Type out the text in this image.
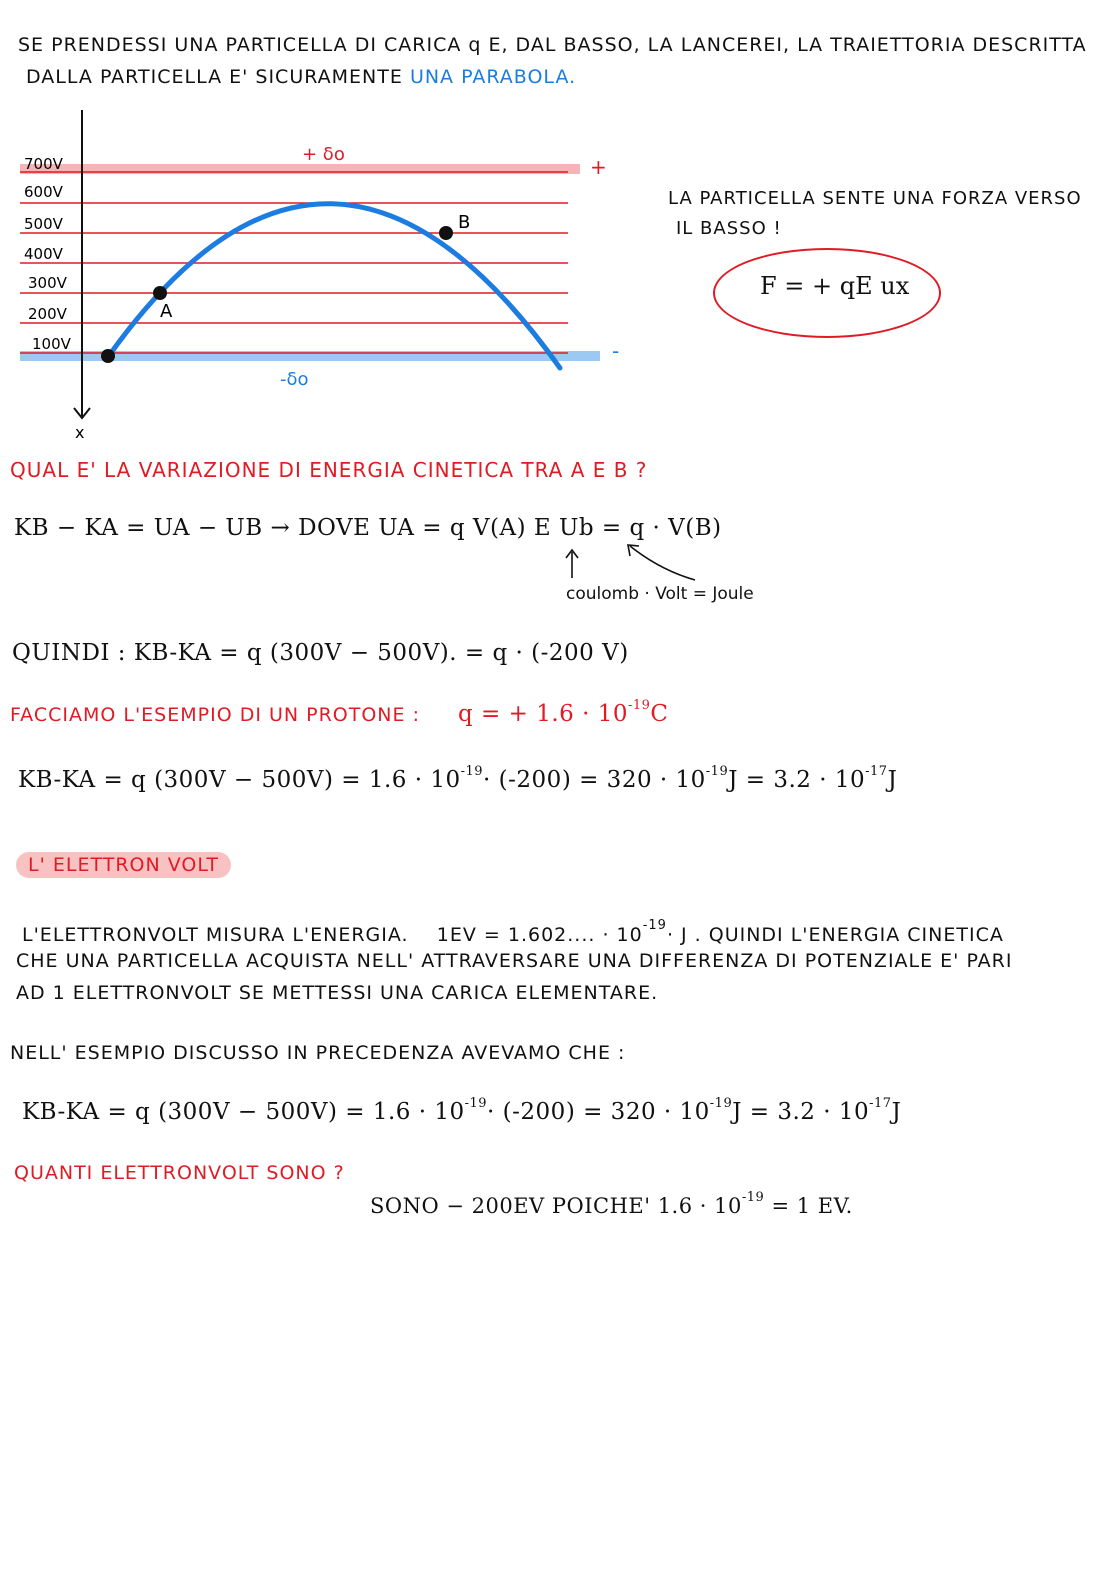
SE PRENDESSI UNA PARTICELLA DI CARICA q E, DAL BASSO, LA LANCEREI, LA TRAIETTORIA DESCRITTA
DALLA PARTICELLA E' SICURAMENTE UNA PARABOLA.
x
700V
600V
500V
400V
300V
200V
100V
A
B
+ δo
+
-δo
-
LA PARTICELLA SENTE UNA FORZA VERSO
IL BASSO !
F = + qE ux
QUAL E' LA VARIAZIONE DI ENERGIA CINETICA TRA A E B ?
KB − KA = UA − UB → DOVE UA = q V(A) E Ub = q · V(B)
coulomb · Volt = Joule
QUINDI : KB-KA = q (300V − 500V). = q · (-200 V)
FACCIAMO L'ESEMPIO DI UN PROTONE : q = + $1.6 \cdot 10^{-19}C$
KB-KA = q $(300V - 500V) = 1.6 \cdot 10^{-19}\cdot (-200) = 320 \cdot 10^{-19}J = 3.2 \cdot 10^{-17}J$
L' ELETTRON VOLT
L'ELETTRONVOLT MISURA L'ENERGIA. 1EV = 1.602.... · $10^{-19}\cdot J$ . QUINDI L'ENERGIA CINETICA
CHE UNA PARTICELLA ACQUISTA NELL' ATTRAVERSARE UNA DIFFERENZA DI POTENZIALE E' PARI
AD 1 ELETTRONVOLT SE METTESSI UNA CARICA ELEMENTARE.
NELL' ESEMPIO DISCUSSO IN PRECEDENZA AVEVAMO CHE :
KB-KA = q $(300V - 500V) = 1.6 \cdot 10^{-19}\cdot (-200) = 320 \cdot 10^{-19}J = 3.2 \cdot 10^{-17}J$
QUANTI ELETTRONVOLT SONO ?
SONO − 200EV POICHE' $1.6 \cdot 10^{-19} = 1$ EV.
